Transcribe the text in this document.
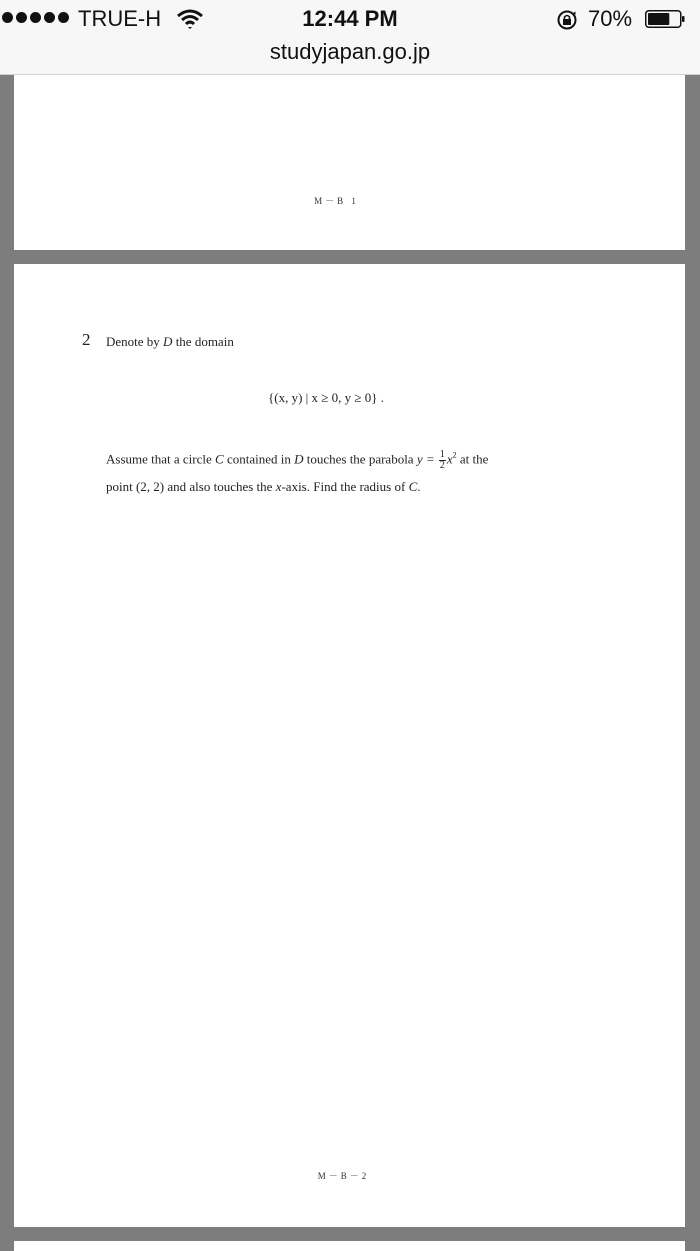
TRUE-H	12:44 PM	70%
studyjapan.go.jp
M－B 1
2 Denote by D the domain
{(x, y) | x ≥ 0, y ≥ 0} .
Assume that a circle C contained in D touches the parabola $y = \frac{1}{2} x^2$ at the
point (2, 2) and also touches the x-axis. Find the radius of C.
M－B－2
